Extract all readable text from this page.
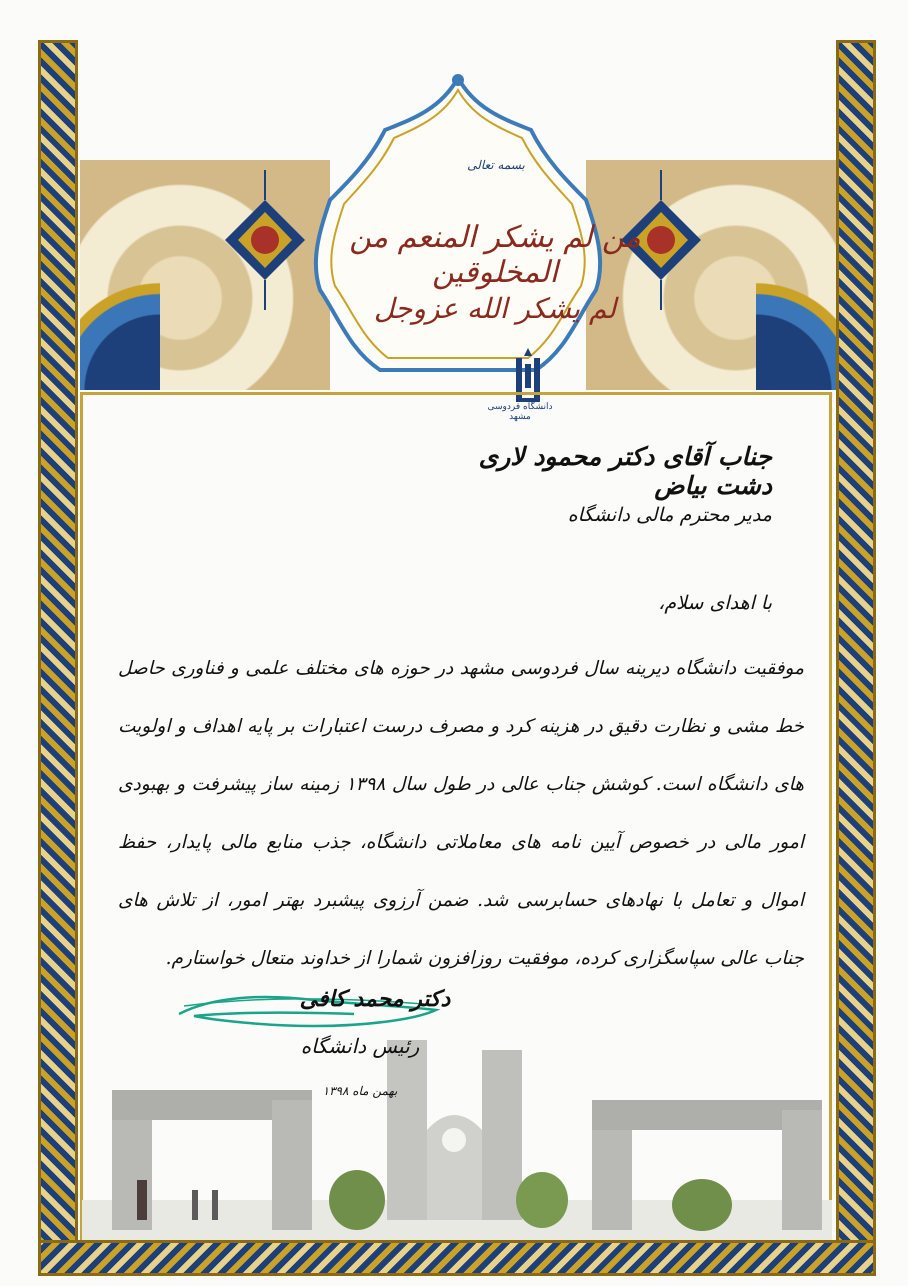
بسمه تعالی
من لم یشکر المنعم من المخلوقین
لم یشکر الله عزوجل
دانشگاه فردوسی مشهد
جناب آقای دکتر محمود لاری دشت بیاض
مدیر محترم مالی دانشگاه
با اهدای سلام،
موفقیت دانشگاه دیرینه سال فردوسی مشهد در حوزه های مختلف علمی و فناوری حاصل خط مشی و نظارت دقیق در هزینه کرد و مصرف درست اعتبارات بر پایه اهداف و اولویت های دانشگاه است. کوشش جناب عالی در طول سال ۱۳۹۸ زمینه ساز پیشرفت و بهبودی امور مالی در خصوص آیین نامه های معاملاتی دانشگاه، جذب منابع مالی پایدار، حفظ اموال و تعامل با نهادهای حسابرسی شد. ضمن آرزوی پیشبرد بهتر امور، از تلاش های جناب عالی سپاسگزاری کرده، موفقیت روزافزون شمارا از خداوند متعال خواستارم.
دکتر محمد کافی
رئیس دانشگاه
بهمن ماه ۱۳۹۸
